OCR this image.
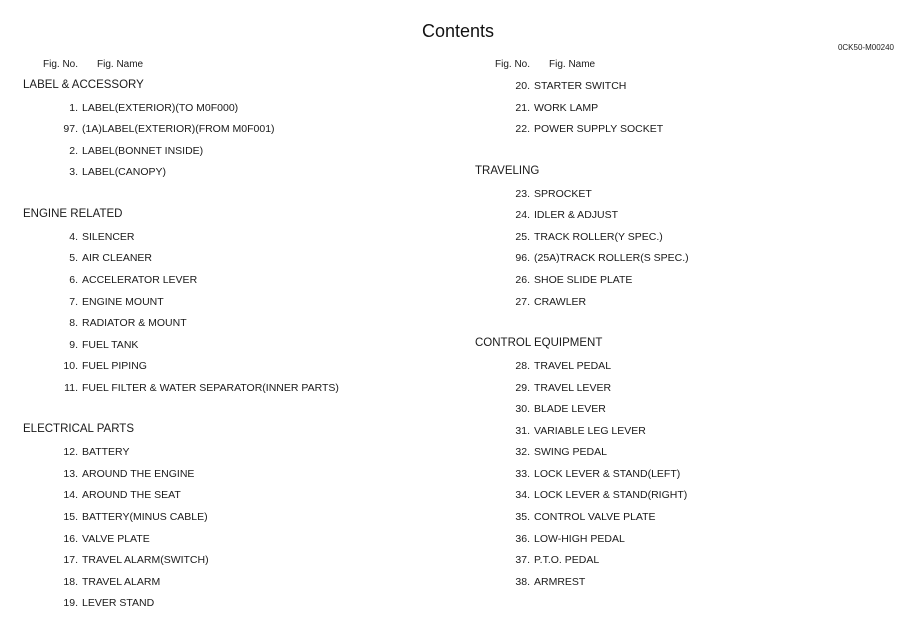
Contents
0CK50-M00240
Fig. No. Fig. Name
LABEL & ACCESSORY
1. LABEL(EXTERIOR)(TO M0F000)
97. (1A)LABEL(EXTERIOR)(FROM M0F001)
2. LABEL(BONNET INSIDE)
3. LABEL(CANOPY)
ENGINE RELATED
4. SILENCER
5. AIR CLEANER
6. ACCELERATOR LEVER
7. ENGINE MOUNT
8. RADIATOR & MOUNT
9. FUEL TANK
10. FUEL PIPING
11. FUEL FILTER & WATER SEPARATOR(INNER PARTS)
ELECTRICAL PARTS
12. BATTERY
13. AROUND THE ENGINE
14. AROUND THE SEAT
15. BATTERY(MINUS CABLE)
16. VALVE PLATE
17. TRAVEL ALARM(SWITCH)
18. TRAVEL ALARM
19. LEVER STAND
Fig. No. Fig. Name
20. STARTER SWITCH
21. WORK LAMP
22. POWER SUPPLY SOCKET
TRAVELING
23. SPROCKET
24. IDLER & ADJUST
25. TRACK ROLLER(Y SPEC.)
96. (25A)TRACK ROLLER(S SPEC.)
26. SHOE SLIDE PLATE
27. CRAWLER
CONTROL EQUIPMENT
28. TRAVEL PEDAL
29. TRAVEL LEVER
30. BLADE LEVER
31. VARIABLE LEG LEVER
32. SWING PEDAL
33. LOCK LEVER & STAND(LEFT)
34. LOCK LEVER & STAND(RIGHT)
35. CONTROL VALVE PLATE
36. LOW-HIGH PEDAL
37. P.T.O. PEDAL
38. ARMREST
